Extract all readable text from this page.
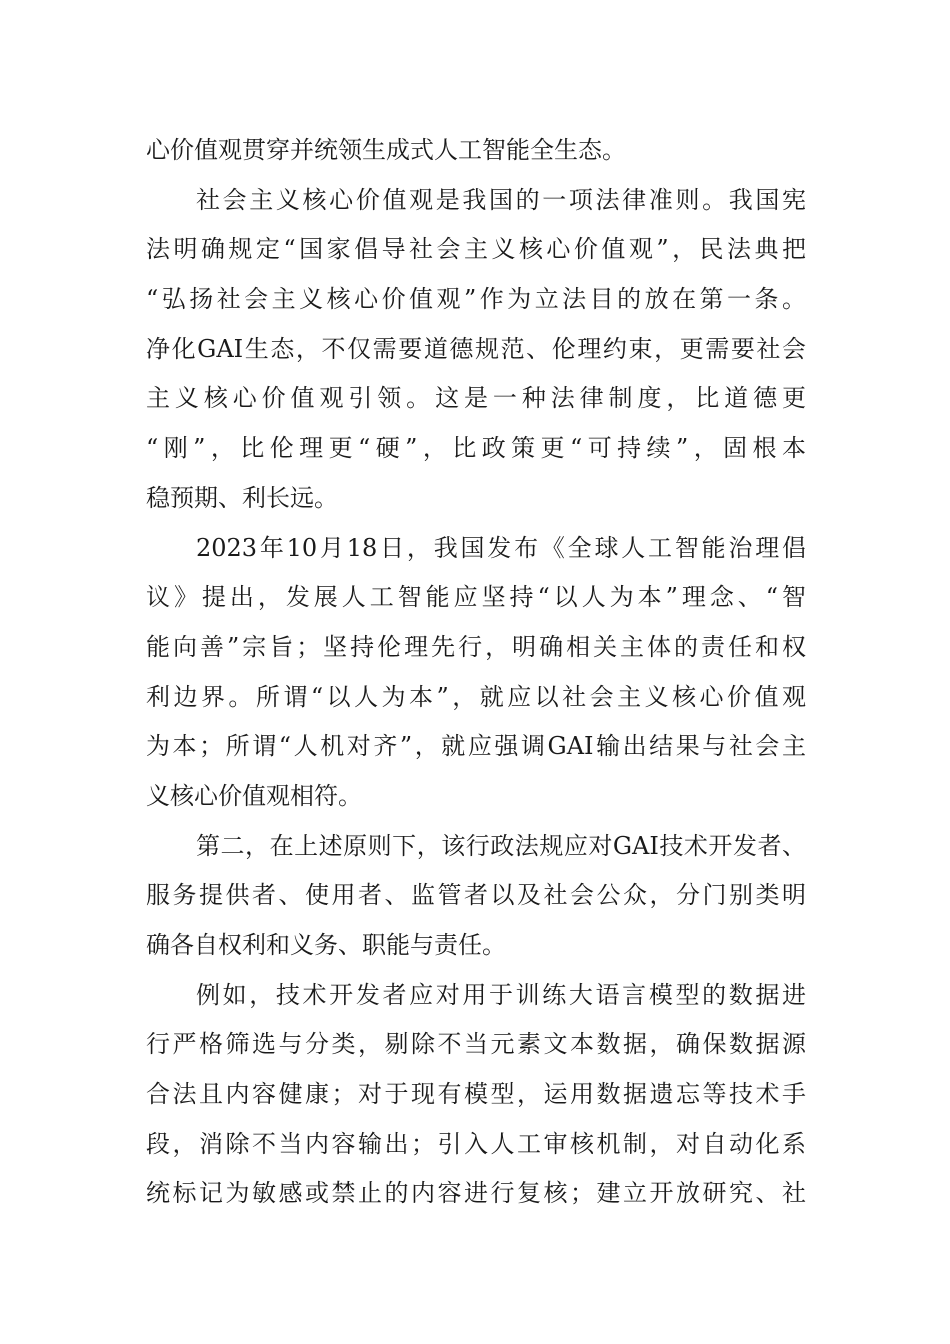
心价值观贯穿并统领生成式人工智能全生态。
社会主义核心价值观是我国的一项法律准则。我国宪
法明确规定“国家倡导社会主义核心价值观”，民法典把
“弘扬社会主义核心价值观”作为立法目的放在第一条。
净化GAI生态，不仅需要道德规范、伦理约束，更需要社会
主义核心价值观引领。这是一种法律制度，比道德更
“刚”，比伦理更“硬”，比政策更“可持续”，固根本
稳预期、利长远。
2023年10月18日，我国发布《全球人工智能治理倡
议》提出，发展人工智能应坚持“以人为本”理念、“智
能向善”宗旨；坚持伦理先行，明确相关主体的责任和权
利边界。所谓“以人为本”，就应以社会主义核心价值观
为本；所谓“人机对齐”，就应强调GAI输出结果与社会主
义核心价值观相符。
第二，在上述原则下，该行政法规应对GAI技术开发者、
服务提供者、使用者、监管者以及社会公众，分门别类明
确各自权利和义务、职能与责任。
例如，技术开发者应对用于训练大语言模型的数据进
行严格筛选与分类，剔除不当元素文本数据，确保数据源
合法且内容健康；对于现有模型，运用数据遗忘等技术手
段，消除不当内容输出；引入人工审核机制，对自动化系
统标记为敏感或禁止的内容进行复核；建立开放研究、社
